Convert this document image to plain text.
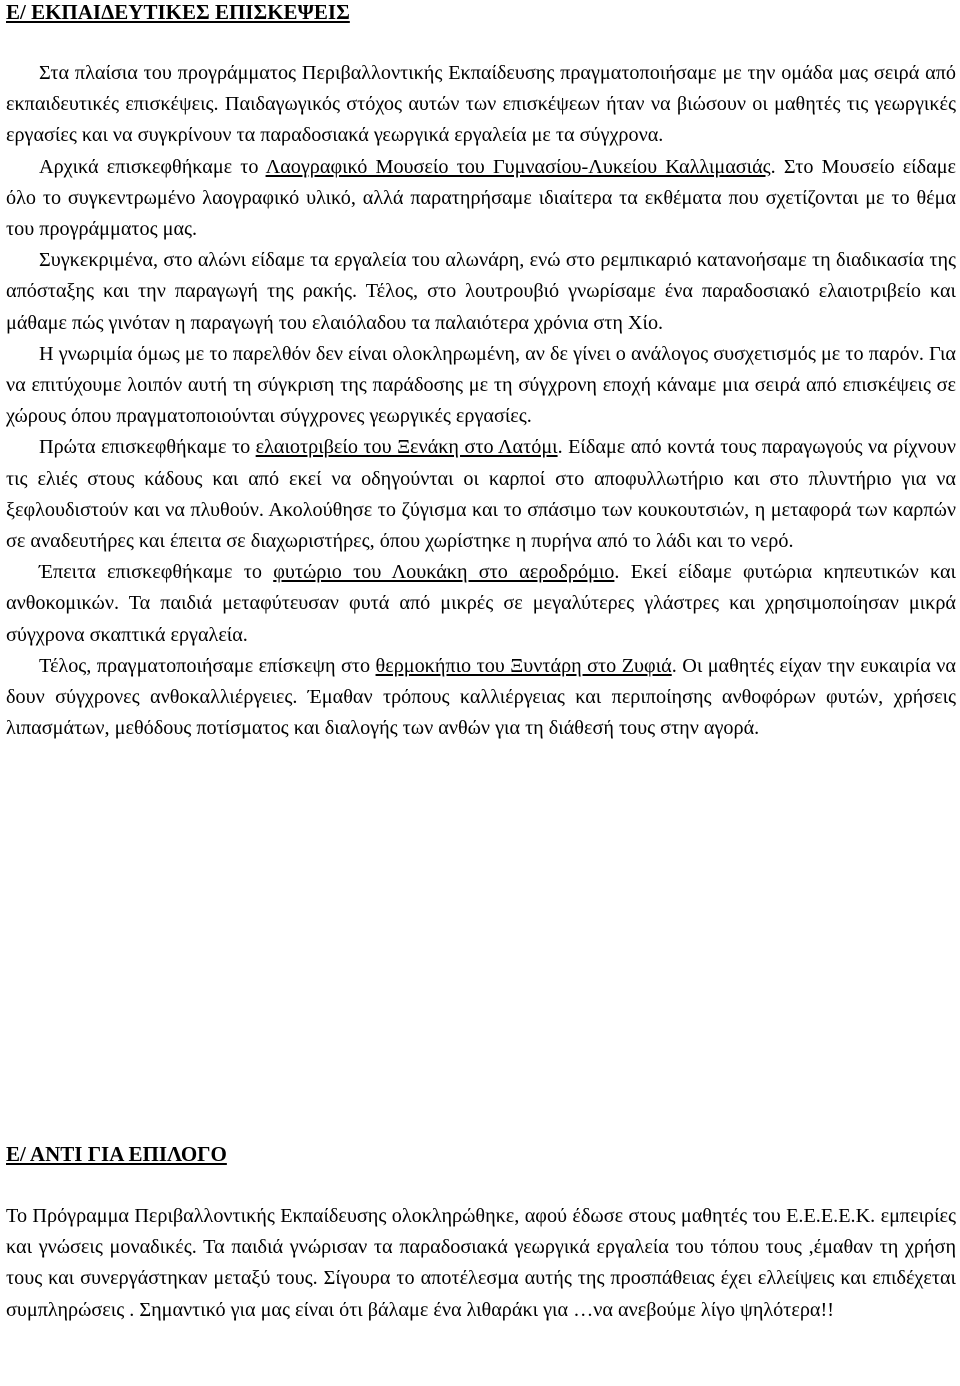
Ε/ ΕΚΠΑΙΔΕΥΤΙΚΕΣ ΕΠΙΣΚΕΨΕΙΣ

Στα πλαίσια του προγράμματος Περιβαλλοντικής Εκπαίδευσης πραγματοποιήσαμε με την ομάδα μας σειρά από εκπαιδευτικές επισκέψεις. Παιδαγωγικός στόχος αυτών των επισκέψεων ήταν να βιώσουν οι μαθητές τις γεωργικές εργασίες και να συγκρίνουν τα παραδοσιακά γεωργικά εργαλεία με τα σύγχρονα.

Αρχικά επισκεφθήκαμε το Λαογραφικό Μουσείο του Γυμνασίου-Λυκείου Καλλιμασιάς. Στο Μουσείο είδαμε όλο το συγκεντρωμένο λαογραφικό υλικό, αλλά παρατηρήσαμε ιδιαίτερα τα εκθέματα που σχετίζονται με το θέμα του προγράμματος μας.

Συγκεκριμένα, στο αλώνι είδαμε τα εργαλεία του αλωνάρη, ενώ στο ρεμπικαριό κατανοήσαμε τη διαδικασία της απόσταξης και την παραγωγή της ρακής. Τέλος, στο λουτρουβιό γνωρίσαμε ένα παραδοσιακό ελαιοτριβείο και μάθαμε πώς γινόταν η παραγωγή του ελαιόλαδου τα παλαιότερα χρόνια στη Χίο.

Η γνωριμία όμως με το παρελθόν δεν είναι ολοκληρωμένη, αν δε γίνει ο ανάλογος συσχετισμός με το παρόν. Για να επιτύχουμε λοιπόν αυτή τη σύγκριση της παράδοσης με τη σύγχρονη εποχή κάναμε μια σειρά από επισκέψεις σε χώρους όπου πραγματοποιούνται σύγχρονες γεωργικές εργασίες.

Πρώτα επισκεφθήκαμε το ελαιοτριβείο του Ξενάκη στο Λατόμι. Είδαμε από κοντά τους παραγωγούς να ρίχνουν τις ελιές στους κάδους και από εκεί να οδηγούνται οι καρποί στο αποφυλλωτήριο και στο πλυντήριο για να ξεφλουδιστούν και να πλυθούν. Ακολούθησε το ζύγισμα και το σπάσιμο των κουκουτσιών, η μεταφορά των καρπών σε αναδευτήρες και έπειτα σε διαχωριστήρες, όπου χωρίστηκε η πυρήνα από το λάδι και το νερό.

Έπειτα επισκεφθήκαμε το φυτώριο του Λουκάκη στο αεροδρόμιο. Εκεί είδαμε φυτώρια κηπευτικών και ανθοκομικών. Τα παιδιά μεταφύτευσαν φυτά από μικρές σε μεγαλύτερες γλάστρες και χρησιμοποίησαν μικρά σύγχρονα σκαπτικά εργαλεία.

Τέλος, πραγματοποιήσαμε επίσκεψη στο θερμοκήπιο του Ξυντάρη στο Ζυφιά. Οι μαθητές είχαν την ευκαιρία να δουν σύγχρονες ανθοκαλλιέργειες. Έμαθαν τρόπους καλλιέργειας και περιποίησης ανθοφόρων φυτών, χρήσεις λιπασμάτων, μεθόδους ποτίσματος και διαλογής των ανθών για τη διάθεσή τους στην αγορά.

Ε/ ΑΝΤΙ ΓΙΑ ΕΠΙΛΟΓΟ

Το Πρόγραμμα Περιβαλλοντικής Εκπαίδευσης ολοκληρώθηκε, αφού έδωσε στους μαθητές του Ε.Ε.Ε.Ε.Κ. εμπειρίες και γνώσεις μοναδικές. Τα παιδιά γνώρισαν τα παραδοσιακά γεωργικά εργαλεία του τόπου τους ,έμαθαν τη χρήση τους και συνεργάστηκαν μεταξύ τους. Σίγουρα το αποτέλεσμα αυτής της προσπάθειας έχει ελλείψεις και επιδέχεται συμπληρώσεις . Σημαντικό για μας είναι ότι βάλαμε ένα λιθαράκι για …να ανεβούμε λίγο ψηλότερα!!
